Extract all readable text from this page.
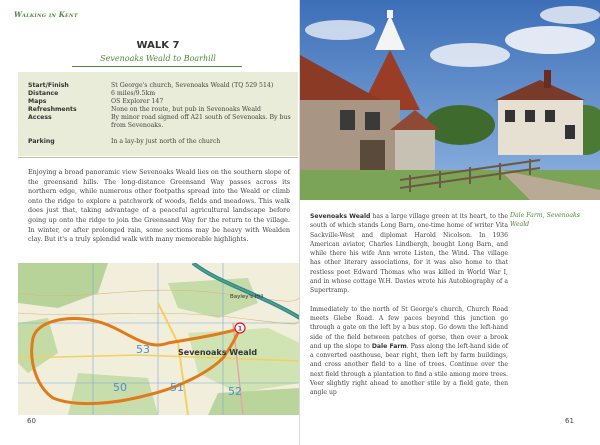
Walking in Kent
WALK 7
Sevenoaks Weald to Boarhill
Start/Finish	St George's church, Sevenoaks Weald (TQ 529 514)
Distance	6 miles/9.5km
Maps	OS Explorer 147
Refreshments	None on the route, but pub in Sevenoaks Weald
Access	By minor road signed off A21 south of Sevenoaks. By bus from Sevenoaks.
Parking	In a lay-by just north of the church

Enjoying a broad panoramic view Sevenoaks Weald lies on the southern slope of the greensand hills. The long-distance Greensand Way passes across its northern edge, while numerous other footpaths spread into the Weald or climb onto the ridge to explore a patchwork of woods, fields and meadows. This walk does just that, taking advantage of a peaceful agricultural landscape before going up onto the ridge to join the Greensand Way for the return to the village. In winter, or after prolonged rain, some sections may be heavy with Wealden clay. But it's a truly splendid walk with many memorable highlights.

1
Sevenoaks Weald
Bayley's Hill
50	51	52
53
60

Sevenoaks Weald has a large village green at its heart, to the south of which stands Long Barn, one-time home of writer Vita Sackville-West and diplomat Harold Nicolson. In 1936 American aviator, Charles Lindbergh, bought Long Barn, and while there his wife Ann wrote Listen, the Wind. The village has other literary associations, for it was also home to that restless poet Edward Thomas who was killed in World War I, and in whose cottage W.H. Davies wrote his Autobiography of a Supertramp.

Immediately to the north of St George's church, Church Road meets Glebe Road. A few paces beyond this junction go through a gate on the left by a bus stop. Go down the left-hand side of the field between patches of gorse, then over a brook and up the slope to Dale Farm. Pass along the left-hand side of a converted oasthouse, bear right, then left by farm buildings, and cross another field to a line of trees. Continue over the next field through a plantation to find a stile among more trees. Veer slightly right ahead to another stile by a field gate, then angle up

Dale Farm, Sevenoaks Weald
61
